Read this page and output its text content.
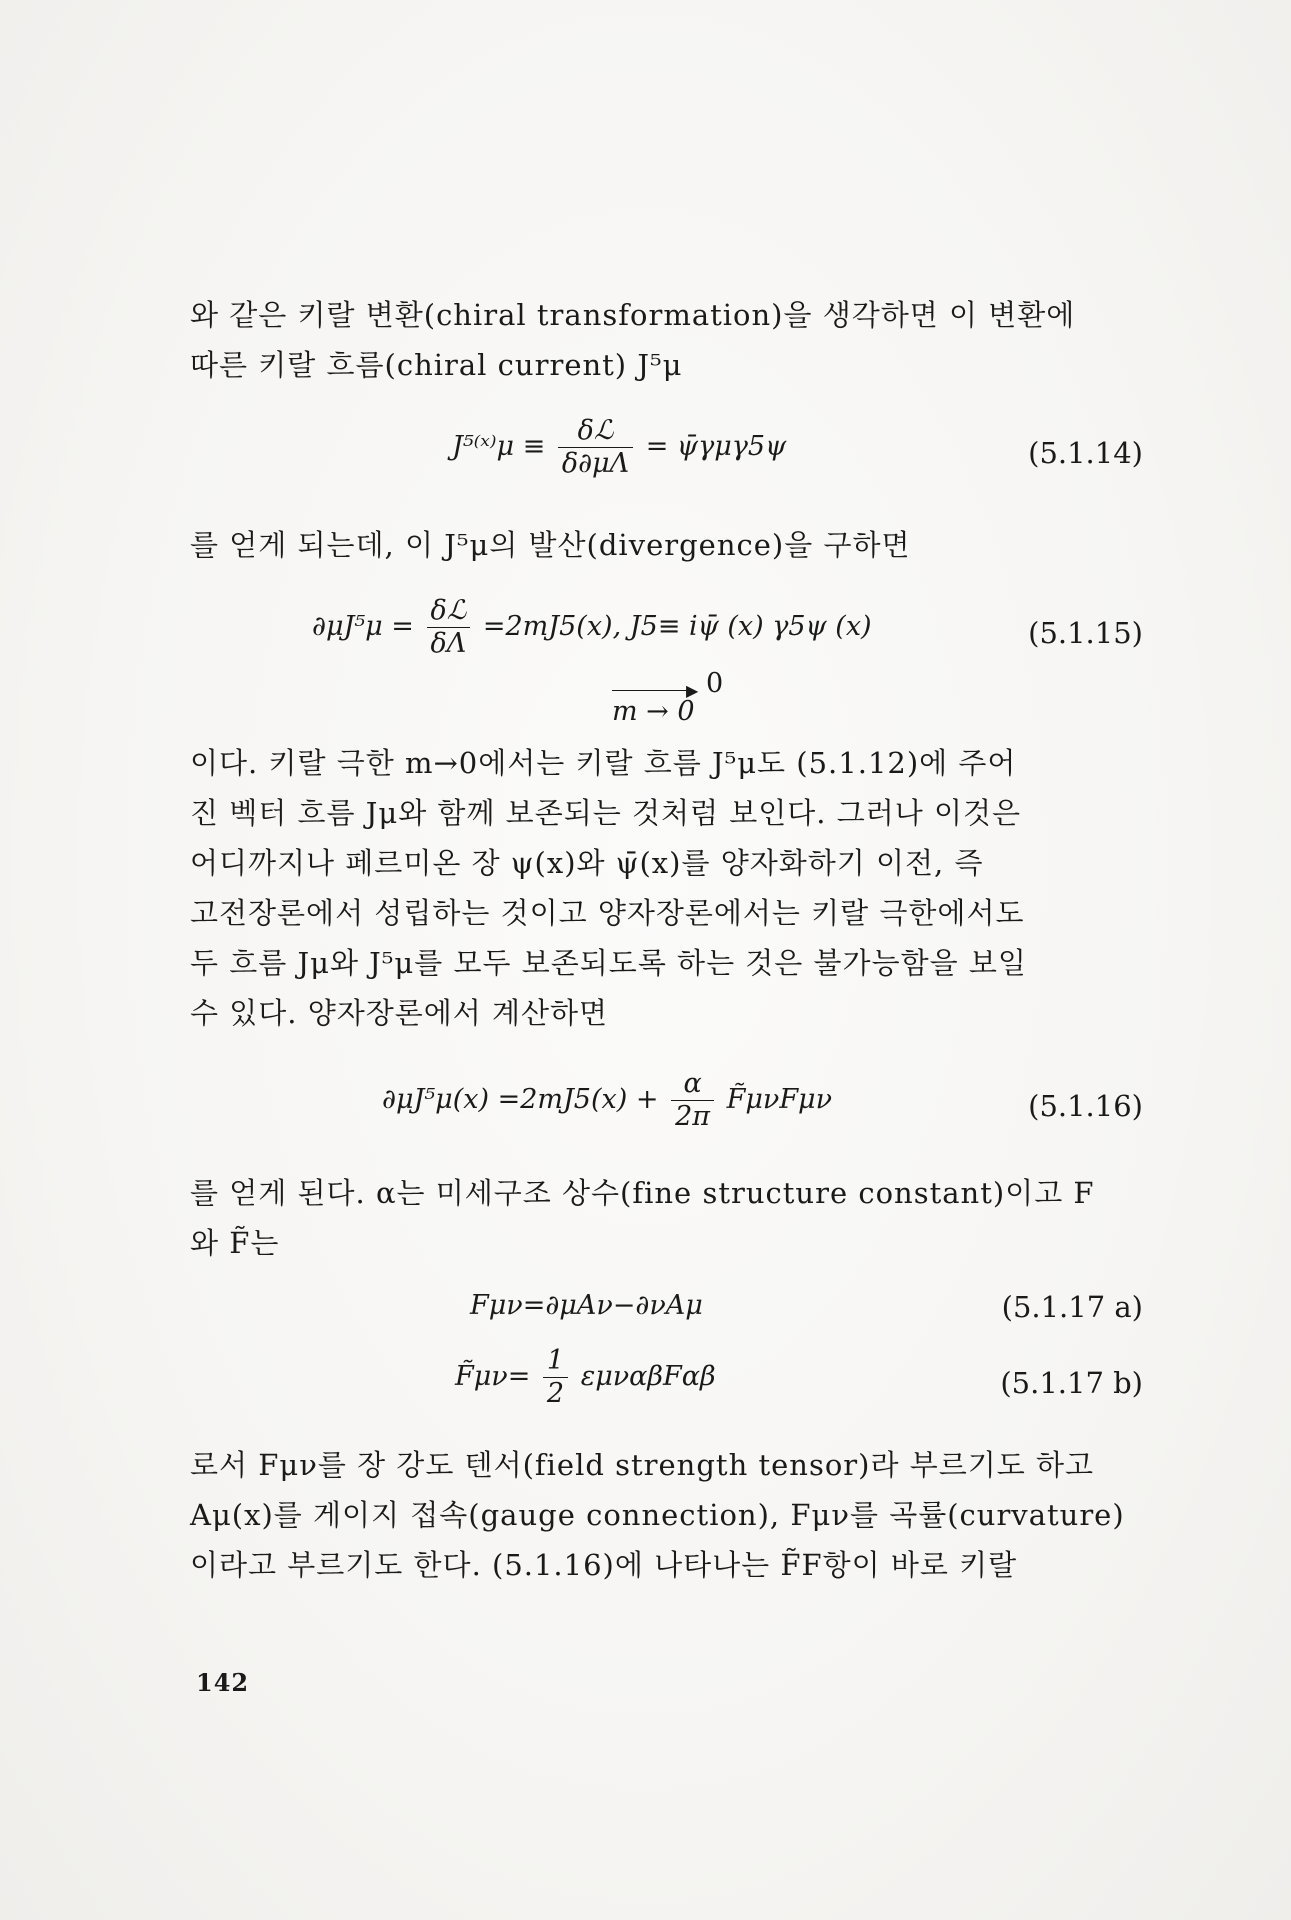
와 같은 키랄 변환(chiral transformation)을 생각하면 이 변환에
따른 키랄 흐름(chiral current) J⁵μ
J⁵⁽ˣ⁾μ ≡ $\frac{\text{δℒ}}{\delta\partial\mu\Lambda}$ = ψ̄γμγ5ψ	(5.1.14)
를 얻게 되는데, 이 J⁵μ의 발산(divergence)을 구하면
$\partial\mu J^5\mu = \frac{\text{δℒ}}{\delta\Lambda} =2mJ5(x)$, J5≡ iψ̄ (x) γ5ψ (x)	(5.1.15)
▶
m → 0
0
이다. 키랄 극한 m→0에서는 키랄 흐름 J⁵μ도 (5.1.12)에 주어
진 벡터 흐름 Jμ와 함께 보존되는 것처럼 보인다. 그러나 이것은
어디까지나 페르미온 장 ψ(x)와 ψ̄(x)를 양자화하기 이전, 즉
고전장론에서 성립하는 것이고 양자장론에서는 키랄 극한에서도
두 흐름 Jμ와 J⁵μ를 모두 보존되도록 하는 것은 불가능함을 보일
수 있다. 양자장론에서 계산하면
$\partial\mu J^5\mu(x) =2mJ5(x) + \frac{\alpha}{2\pi}$ F̃μνFμν	(5.1.16)
를 얻게 된다. α는 미세구조 상수(fine structure constant)이고 F
와 F̃는
Fμν=∂μAν−∂νAμ	(5.1.17 a)
F̃μν= $\frac{1}{2}$ εμναβFαβ	(5.1.17 b)
로서 Fμν를 장 강도 텐서(field strength tensor)라 부르기도 하고
Aμ(x)를 게이지 접속(gauge connection), Fμν를 곡률(curvature)
이라고 부르기도 한다. (5.1.16)에 나타나는 F̃F항이 바로 키랄
142
